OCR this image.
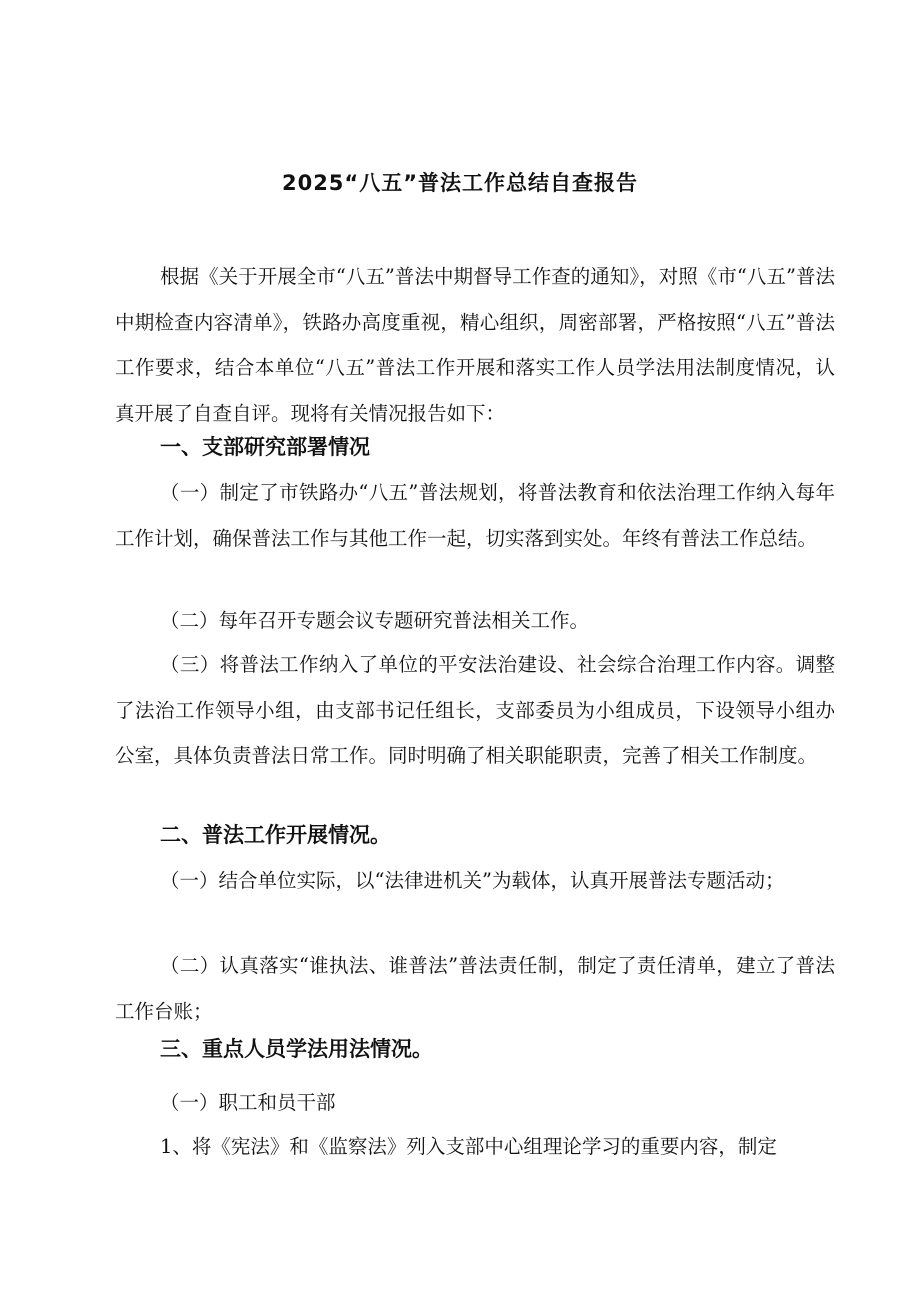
2025“八五”普法工作总结自查报告

根据《关于开展全市“八五”普法中期督导工作查的通知》，对照《市“八五”普法中期检查内容清单》，铁路办高度重视，精心组织，周密部署，严格按照“八五”普法工作要求，结合本单位“八五”普法工作开展和落实工作人员学法用法制度情况，认真开展了自查自评。现将有关情况报告如下：

一、支部研究部署情况

（一）制定了市铁路办“八五”普法规划，将普法教育和依法治理工作纳入每年工作计划，确保普法工作与其他工作一起，切实落到实处。年终有普法工作总结。

（二）每年召开专题会议专题研究普法相关工作。

（三）将普法工作纳入了单位的平安法治建设、社会综合治理工作内容。调整了法治工作领导小组，由支部书记任组长，支部委员为小组成员，下设领导小组办公室，具体负责普法日常工作。同时明确了相关职能职责，完善了相关工作制度。

二、普法工作开展情况。

（一）结合单位实际，以“法律进机关”为载体，认真开展普法专题活动；

（二）认真落实“谁执法、谁普法”普法责任制，制定了责任清单，建立了普法工作台账；

三、重点人员学法用法情况。

（一）职工和员干部

1、将《宪法》和《监察法》列入支部中心组理论学习的重要内容，制定
